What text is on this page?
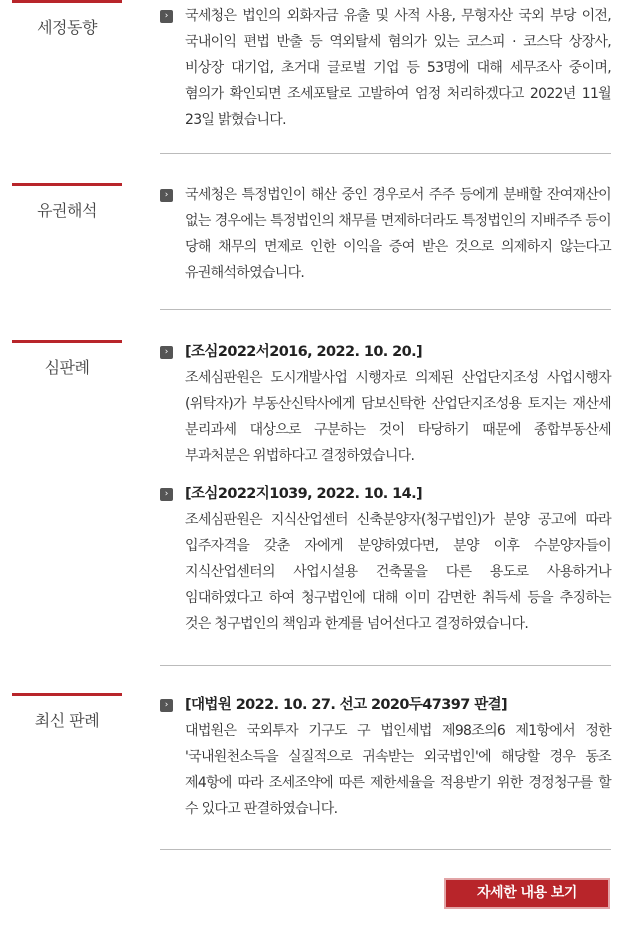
세정동향
›	국세청은 법인의 외화자금 유출 및 사적 사용, 무형자산 국외 부당 이전, 국내이익 편법 반출 등 역외탈세 혐의가 있는 코스피 · 코스닥 상장사, 비상장 대기업, 초거대 글로벌 기업 등 53명에 대해 세무조사 중이며, 혐의가 확인되면 조세포탈로 고발하여 엄정 처리하겠다고 2022년 11월 23일 밝혔습니다.
유권해석
›	국세청은 특정법인이 해산 중인 경우로서 주주 등에게 분배할 잔여재산이 없는 경우에는 특정법인의 채무를 면제하더라도 특정법인의 지배주주 등이 당해 채무의 면제로 인한 이익을 증여 받은 것으로 의제하지 않는다고 유권해석하였습니다.
심판례
›	[조심2022서2016, 2022. 10. 20.]
조세심판원은 도시개발사업 시행자로 의제된 산업단지조성 사업시행자(위탁자)가 부동산신탁사에게 담보신탁한 산업단지조성용 토지는 재산세 분리과세 대상으로 구분하는 것이 타당하기 때문에 종합부동산세 부과처분은 위법하다고 결정하였습니다.
›	[조심2022지1039, 2022. 10. 14.]
조세심판원은 지식산업센터 신축분양자(청구법인)가 분양 공고에 따라 입주자격을 갖춘 자에게 분양하였다면, 분양 이후 수분양자들이 지식산업센터의 사업시설용 건축물을 다른 용도로 사용하거나 임대하였다고 하여 청구법인에 대해 이미 감면한 취득세 등을 추징하는 것은 청구법인의 책임과 한계를 넘어선다고 결정하였습니다.
최신 판례
›	[대법원 2022. 10. 27. 선고 2020두47397 판결]
대법원은 국외투자 기구도 구 법인세법 제98조의6 제1항에서 정한 '국내원천소득을 실질적으로 귀속받는 외국법인'에 해당할 경우 동조 제4항에 따라 조세조약에 따른 제한세율을 적용받기 위한 경정청구를 할 수 있다고 판결하였습니다.
자세한 내용 보기
